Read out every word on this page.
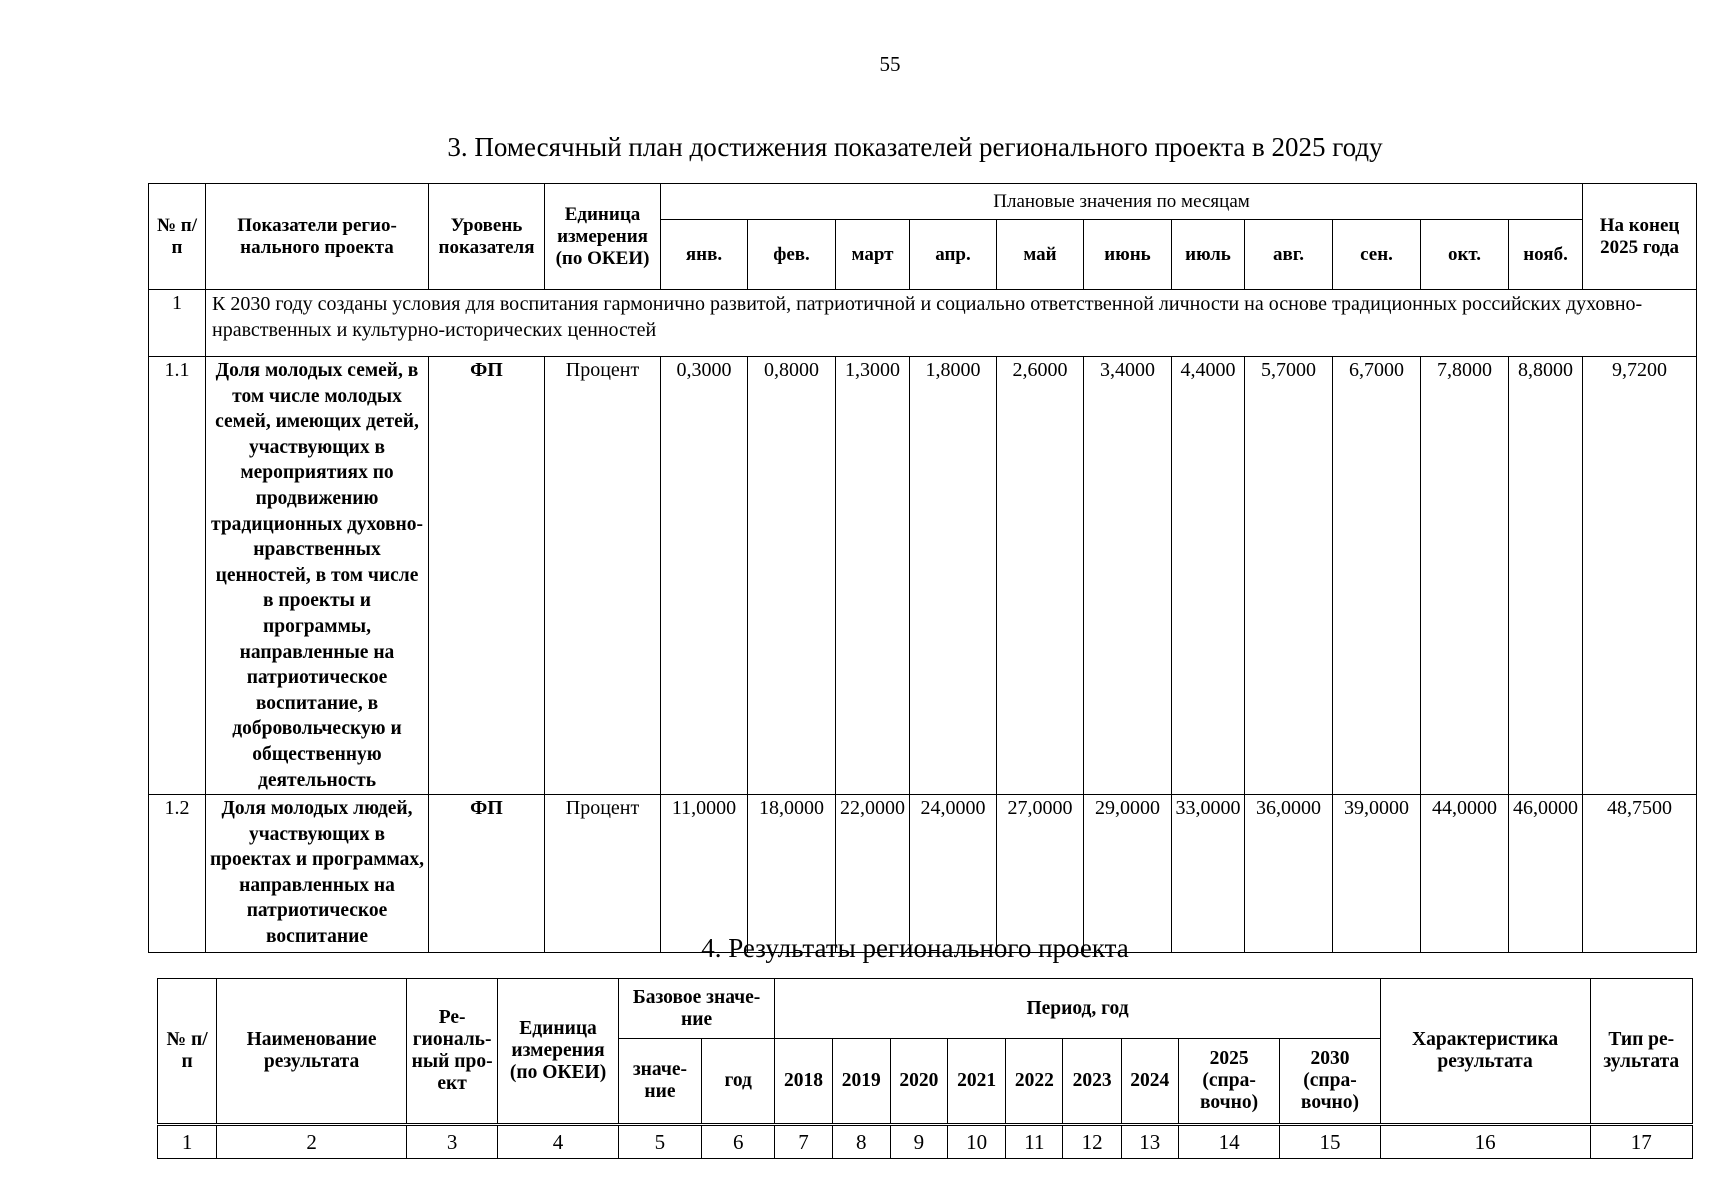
55
3. Помесячный план достижения показателей регионального проекта в 2025 году
№ п/п	Показатели регио-нального проекта	Уровень показателя	Единица измерения (по ОКЕИ)	Плановые значения по месяцам											На конец 2025 года
				янв.	фев.	март	апр.	май	июнь	июль	авг.	сен.	окт.	нояб.	
1	К 2030 году созданы условия для воспитания гармонично развитой, патриотичной и социально ответственной личности на основе традиционных российских духовно-нравственных и культурно-исторических ценностей														
1.1	Доля молодых семей, в том числе молодых семей, имеющих детей, участвующих в мероприятиях по продвижению традиционных духовно-нравственных ценностей, в том числе в проекты и программы, направленные на патриотическое воспитание, в добровольческую и общественную деятельность	ФП	Процент	0,3000	0,8000	1,3000	1,8000	2,6000	3,4000	4,4000	5,7000	6,7000	7,8000	8,8000	9,7200
1.2	Доля молодых людей, участвующих в проектах и программах, направленных на патриотическое воспитание	ФП	Процент	11,0000	18,0000	22,0000	24,0000	27,0000	29,0000	33,0000	36,0000	39,0000	44,0000	46,0000	48,7500
4. Результаты регионального проекта
№ п/п	Наименование результата	Ре-гиональ-ный про-ект	Единица измерения (по ОКЕИ)	Базовое значе-ние		Период, год									Характеристика результата	Тип ре-зультата
				значе-ние	год	2018	2019	2020	2021	2022	2023	2024	2025 (спра-вочно)	2030 (спра-вочно)		
1	2	3	4	5	6	7	8	9	10	11	12	13	14	15	16	17
